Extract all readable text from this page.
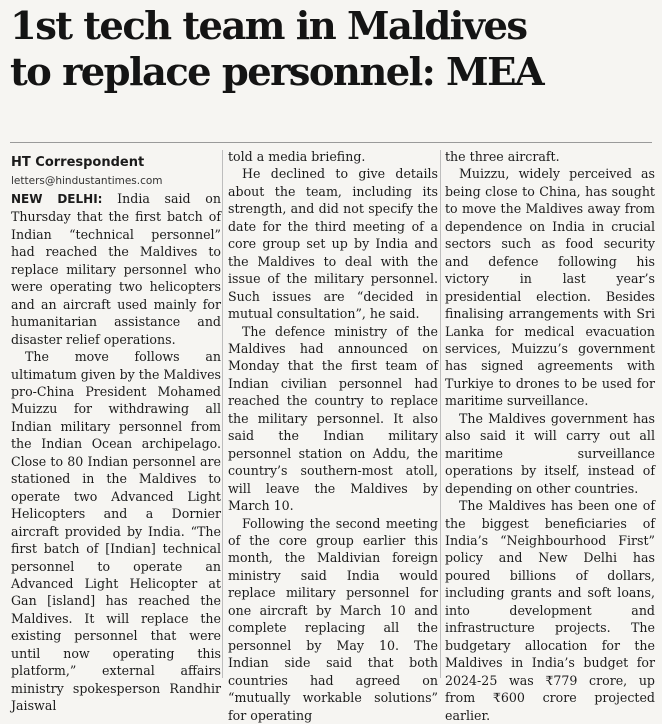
1st tech team in Maldives
to replace personnel: MEA

HT Correspondent

letters@hindustantimes.com

NEW DELHI: India said on Thursday that the first batch of Indian “technical personnel” had reached the Maldives to replace military personnel who were operating two helicopters and an aircraft used mainly for humanitarian assistance and disaster relief operations.

The move follows an ultimatum given by the Maldives pro-China President Mohamed Muizzu for withdrawing all Indian military personnel from the Indian Ocean archipelago. Close to 80 Indian personnel are stationed in the Maldives to operate two Advanced Light Helicopters and a Dornier aircraft provided by India. “The first batch of [Indian] technical personnel to operate an Advanced Light Helicopter at Gan [island] has reached the Maldives. It will replace the existing personnel that were until now operating this platform,” external affairs ministry spokesperson Randhir Jaiswal

told a media briefing.

He declined to give details about the team, including its strength, and did not specify the date for the third meeting of a core group set up by India and the Maldives to deal with the issue of the military personnel. Such issues are “decided in mutual consultation”, he said.

The defence ministry of the Maldives had announced on Monday that the first team of Indian civilian personnel had reached the country to replace the military personnel. It also said the Indian military personnel station on Addu, the country’s southern-most atoll, will leave the Maldives by March 10.

Following the second meeting of the core group earlier this month, the Maldivian foreign ministry said India would replace military personnel for one aircraft by March 10 and complete replacing all the personnel by May 10. The Indian side said that both countries had agreed on “mutually workable solutions” for operating

the three aircraft.

Muizzu, widely perceived as being close to China, has sought to move the Maldives away from dependence on India in crucial sectors such as food security and defence following his victory in last year’s presidential election. Besides finalising arrangements with Sri Lanka for medical evacuation services, Muizzu’s government has signed agreements with Turkiye to drones to be used for maritime surveillance.

The Maldives government has also said it will carry out all maritime surveillance operations by itself, instead of depending on other countries.

The Maldives has been one of the biggest beneficiaries of India’s “Neighbourhood First” policy and New Delhi has poured billions of dollars, including grants and soft loans, into development and infrastructure projects. The budgetary allocation for the Maldives in India’s budget for 2024-25 was ₹779 crore, up from ₹600 crore projected earlier.
